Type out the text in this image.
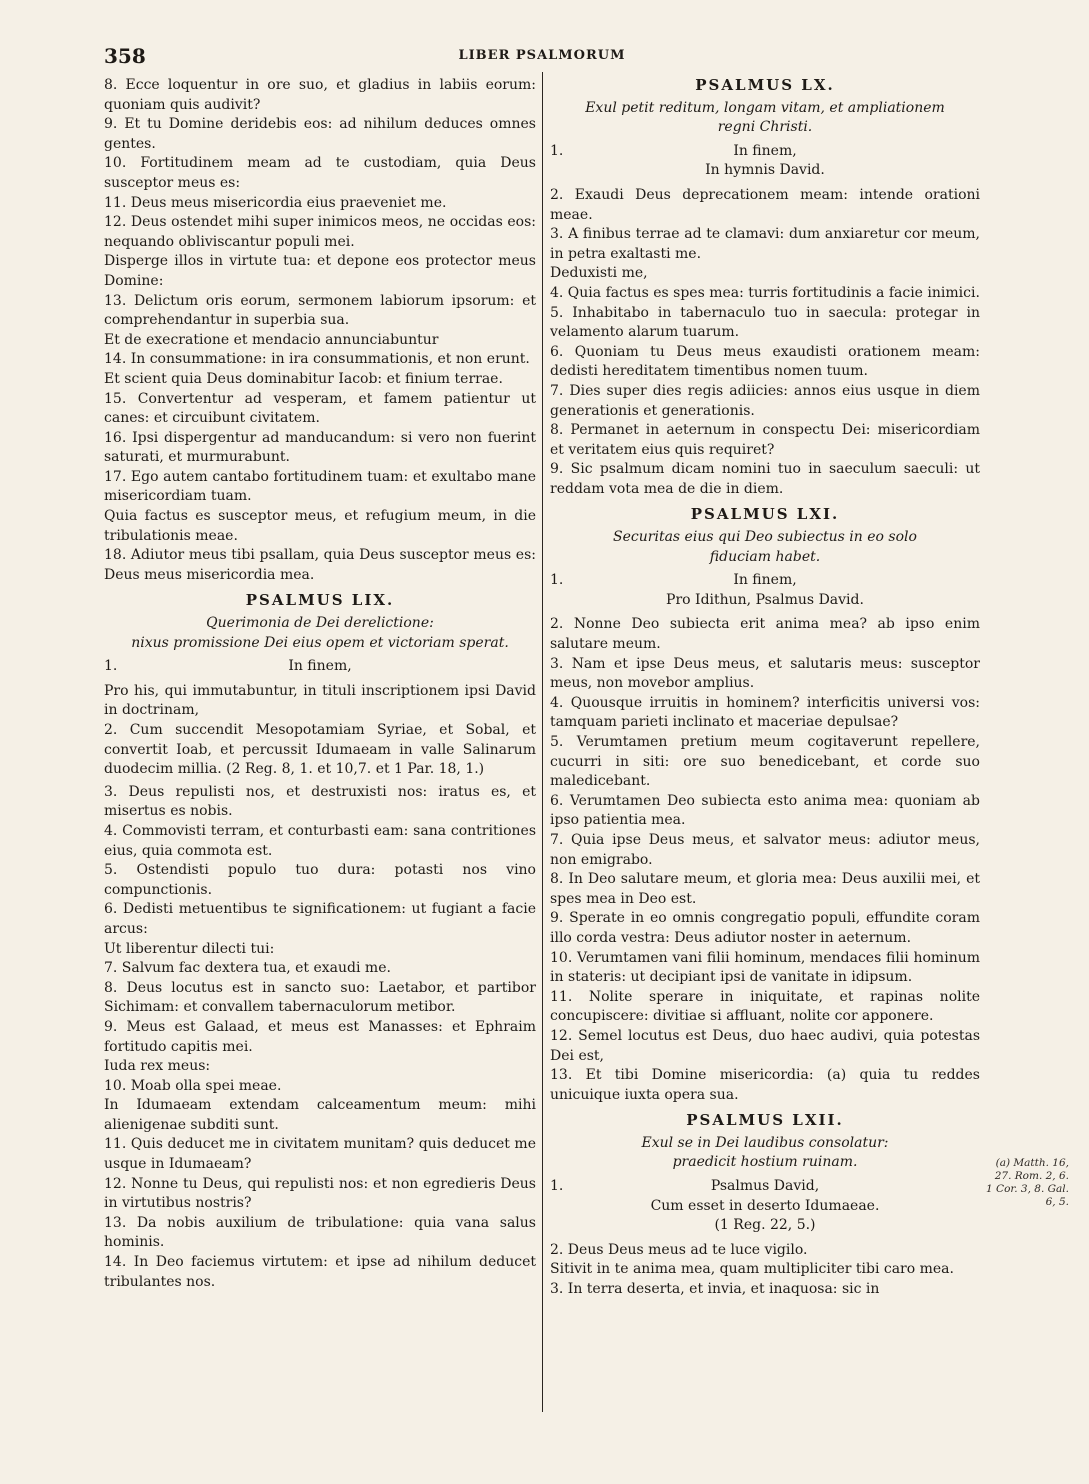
358	LIBER PSALMORUM

8. Ecce loquentur in ore suo, et gladius in labiis eorum: quoniam quis audivit?

9. Et tu Domine deridebis eos: ad nihilum deduces omnes gentes.

10. Fortitudinem meam ad te custodiam, quia Deus susceptor meus es:

11. Deus meus misericordia eius praeveniet me.

12. Deus ostendet mihi super inimicos meos, ne occidas eos: nequando obliviscantur populi mei.

Disperge illos in virtute tua: et depone eos protector meus Domine:

13. Delictum oris eorum, sermonem labiorum ipsorum: et comprehendantur in superbia sua.

Et de execratione et mendacio annunciabuntur

14. In consummatione: in ira consummationis, et non erunt.

Et scient quia Deus dominabitur Iacob: et finium terrae.

15. Convertentur ad vesperam, et famem patientur ut canes: et circuibunt civitatem.

16. Ipsi dispergentur ad manducandum: si vero non fuerint saturati, et murmurabunt.

17. Ego autem cantabo fortitudinem tuam: et exultabo mane misericordiam tuam.

Quia factus es susceptor meus, et refugium meum, in die tribulationis meae.

18. Adiutor meus tibi psallam, quia Deus susceptor meus es: Deus meus misericordia mea.

PSALMUS LIX.
Querimonia de Dei derelictione:
nixus promissione Dei eius opem et victoriam sperat.
1.	In finem,

Pro his, qui immutabuntur, in tituli inscriptionem ipsi David in doctrinam,

2. Cum succendit Mesopotamiam Syriae, et Sobal, et convertit Ioab, et percussit Idumaeam in valle Salinarum duodecim millia. (2 Reg. 8, 1. et 10,7. et 1 Par. 18, 1.)

3. Deus repulisti nos, et destruxisti nos: iratus es, et misertus es nobis.

4. Commovisti terram, et conturbasti eam: sana contritiones eius, quia commota est.

5. Ostendisti populo tuo dura: potasti nos vino compunctionis.

6. Dedisti metuentibus te significationem: ut fugiant a facie arcus:

Ut liberentur dilecti tui:

7. Salvum fac dextera tua, et exaudi me.

8. Deus locutus est in sancto suo: Laetabor, et partibor Sichimam: et convallem tabernaculorum metibor.

9. Meus est Galaad, et meus est Manasses: et Ephraim fortitudo capitis mei.

Iuda rex meus:

10. Moab olla spei meae.

In Idumaeam extendam calceamentum meum: mihi alienigenae subditi sunt.

11. Quis deducet me in civitatem munitam? quis deducet me usque in Idumaeam?

12. Nonne tu Deus, qui repulisti nos: et non egredieris Deus in virtutibus nostris?

13. Da nobis auxilium de tribulatione: quia vana salus hominis.

14. In Deo faciemus virtutem: et ipse ad nihilum deducet tribulantes nos.

PSALMUS LX.
Exul petit reditum, longam vitam, et ampliationem
regni Christi.
1.	In finem,
In hymnis David.

2. Exaudi Deus deprecationem meam: intende orationi meae.

3. A finibus terrae ad te clamavi: dum anxiaretur cor meum, in petra exaltasti me.

Deduxisti me,

4. Quia factus es spes mea: turris fortitudinis a facie inimici.

5. Inhabitabo in tabernaculo tuo in saecula: protegar in velamento alarum tuarum.

6. Quoniam tu Deus meus exaudisti orationem meam: dedisti hereditatem timentibus nomen tuum.

7. Dies super dies regis adiicies: annos eius usque in diem generationis et generationis.

8. Permanet in aeternum in conspectu Dei: misericordiam et veritatem eius quis requiret?

9. Sic psalmum dicam nomini tuo in saeculum saeculi: ut reddam vota mea de die in diem.

PSALMUS LXI.
Securitas eius qui Deo subiectus in eo solo
fiduciam habet.
1.	In finem,
Pro Idithun, Psalmus David.

2. Nonne Deo subiecta erit anima mea? ab ipso enim salutare meum.

3. Nam et ipse Deus meus, et salutaris meus: susceptor meus, non movebor amplius.

4. Quousque irruitis in hominem? interficitis universi vos: tamquam parieti inclinato et maceriae depulsae?

5. Verumtamen pretium meum cogitaverunt repellere, cucurri in siti: ore suo benedicebant, et corde suo maledicebant.

6. Verumtamen Deo subiecta esto anima mea: quoniam ab ipso patientia mea.

7. Quia ipse Deus meus, et salvator meus: adiutor meus, non emigrabo.

8. In Deo salutare meum, et gloria mea: Deus auxilii mei, et spes mea in Deo est.

9. Sperate in eo omnis congregatio populi, effundite coram illo corda vestra: Deus adiutor noster in aeternum.

10. Verumtamen vani filii hominum, mendaces filii hominum in stateris: ut decipiant ipsi de vanitate in idipsum.

11. Nolite sperare in iniquitate, et rapinas nolite concupiscere: divitiae si affluant, nolite cor apponere.

12. Semel locutus est Deus, duo haec audivi, quia potestas Dei est,

13. Et tibi Domine misericordia: (a) quia tu reddes unicuique iuxta opera sua.

PSALMUS LXII.
Exul se in Dei laudibus consolatur:
praedicit hostium ruinam.
1.	Psalmus David,
Cum esset in deserto Idumaeae.
(1 Reg. 22, 5.)

2. Deus Deus meus ad te luce vigilo.

Sitivit in te anima mea, quam multipliciter tibi caro mea.

3. In terra deserta, et invia, et inaquosa: sic in

(a) Matth. 16, 27. Rom. 2, 6. 1 Cor. 3, 8. Gal. 6, 5.
